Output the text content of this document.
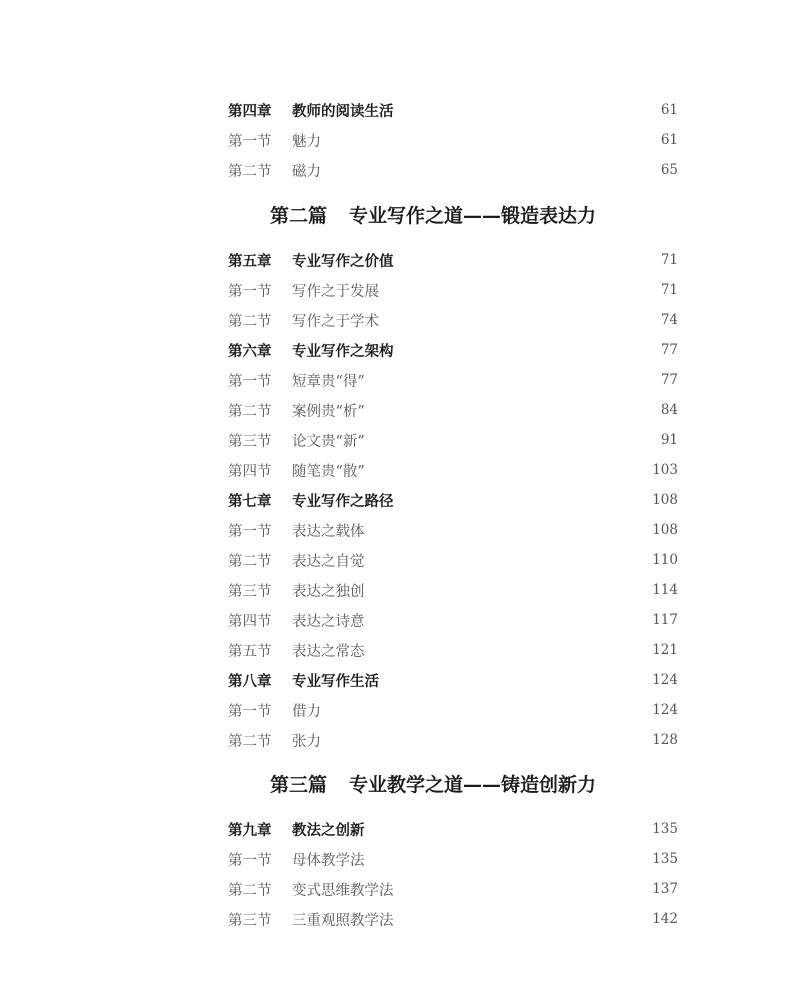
第四章	教师的阅读生活	61
第一节	魅力	61
第二节	磁力	65
第二篇 专业写作之道——锻造表达力
第五章	专业写作之价值	71
第一节	写作之于发展	71
第二节	写作之于学术	74
第六章	专业写作之架构	77
第一节	短章贵“得”	77
第二节	案例贵“析”	84
第三节	论文贵“新”	91
第四节	随笔贵“散”	103
第七章	专业写作之路径	108
第一节	表达之载体	108
第二节	表达之自觉	110
第三节	表达之独创	114
第四节	表达之诗意	117
第五节	表达之常态	121
第八章	专业写作生活	124
第一节	借力	124
第二节	张力	128
第三篇 专业教学之道——铸造创新力
第九章	教法之创新	135
第一节	母体教学法	135
第二节	变式思维教学法	137
第三节	三重观照教学法	142
